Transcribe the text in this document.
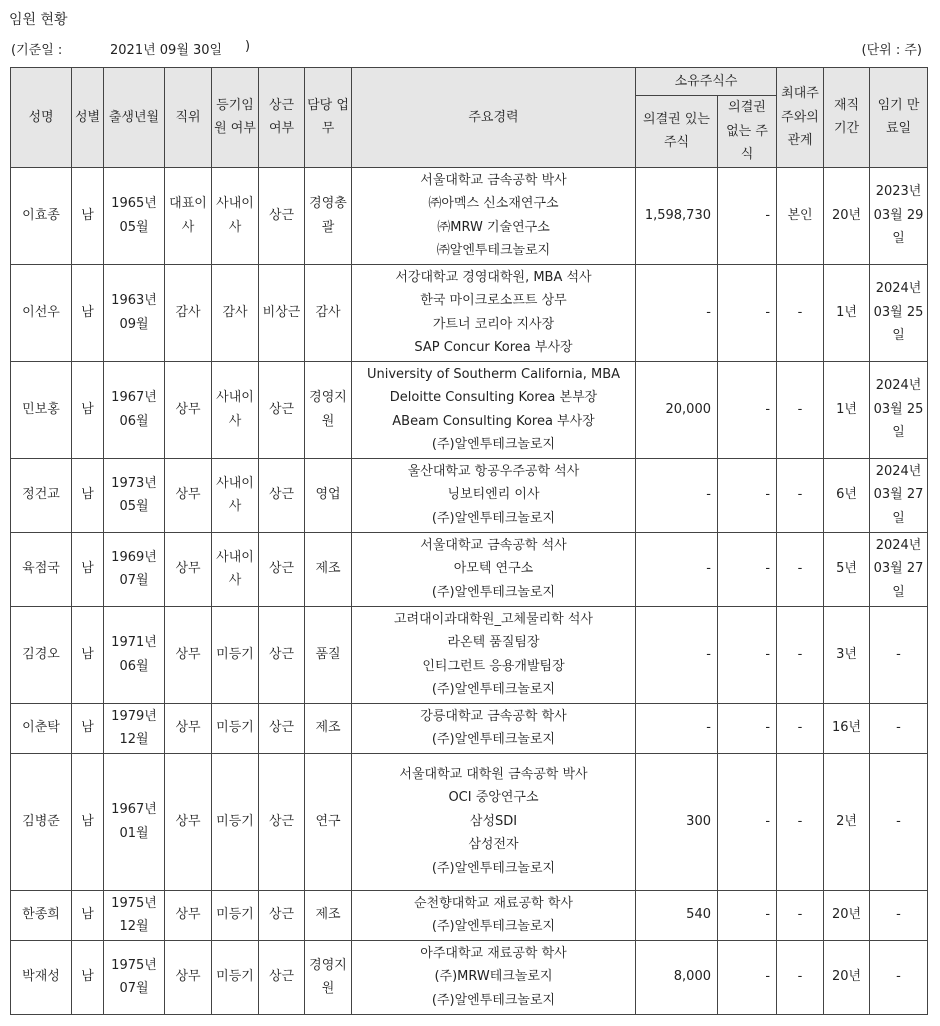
임원 현황
(기준일 :	2021년 09월 30일 )	(단위 : 주)
성명	성별	출생년월	직위	등기임원 여부	상근 여부	담당 업무	주요경력	소유주식수		최대주주와의 관계	재직 기간	임기 만료일
								의결권 있는 주식	의결권 없는 주식			
이효종	남	1965년 05월	대표이사	사내이사	상근	경영총괄	서울대학교 금속공학 박사
㈜아멕스 신소재연구소
㈜MRW 기술연구소
㈜알엔투테크놀로지	1,598,730	-	본인	20년	2023년 03월 29일
이선우	남	1963년 09월	감사	감사	비상근	감사	서강대학교 경영대학원, MBA 석사
한국 마이크로소프트 상무
가트너 코리아 지사장
SAP Concur Korea 부사장	-	-	-	1년	2024년 03월 25일
민보홍	남	1967년 06월	상무	사내이사	상근	경영지원	University of Southerm California, MBA
Deloitte Consulting Korea 본부장
ABeam Consulting Korea 부사장
(주)알엔투테크놀로지	20,000	-	-	1년	2024년 03월 25일
정건교	남	1973년 05월	상무	사내이사	상근	영업	울산대학교 항공우주공학 석사
닝보티엔리 이사
(주)알엔투테크놀로지	-	-	-	6년	2024년 03월 27일
육점국	남	1969년 07월	상무	사내이사	상근	제조	서울대학교 금속공학 석사
아모텍 연구소
(주)알엔투테크놀로지	-	-	-	5년	2024년 03월 27일
김경오	남	1971년 06월	상무	미등기	상근	품질	고려대이과대학원_고체물리학 석사
라온텍 품질팀장
인티그런트 응용개발팀장
(주)알엔투테크놀로지	-	-	-	3년	-
이춘탁	남	1979년 12월	상무	미등기	상근	제조	강릉대학교 금속공학 학사
(주)알엔투테크놀로지	-	-	-	16년	-
김병준	남	1967년 01월	상무	미등기	상근	연구	서울대학교 대학원 금속공학 박사
OCI 중앙연구소
삼성SDI
삼성전자
(주)알엔투테크놀로지	300	-	-	2년	-
한종희	남	1975년 12월	상무	미등기	상근	제조	순천향대학교 재료공학 학사
(주)알엔투테크놀로지	540	-	-	20년	-
박재성	남	1975년 07월	상무	미등기	상근	경영지원	아주대학교 재료공학 학사
(주)MRW테크놀로지
(주)알엔투테크놀로지	8,000	-	-	20년	-
